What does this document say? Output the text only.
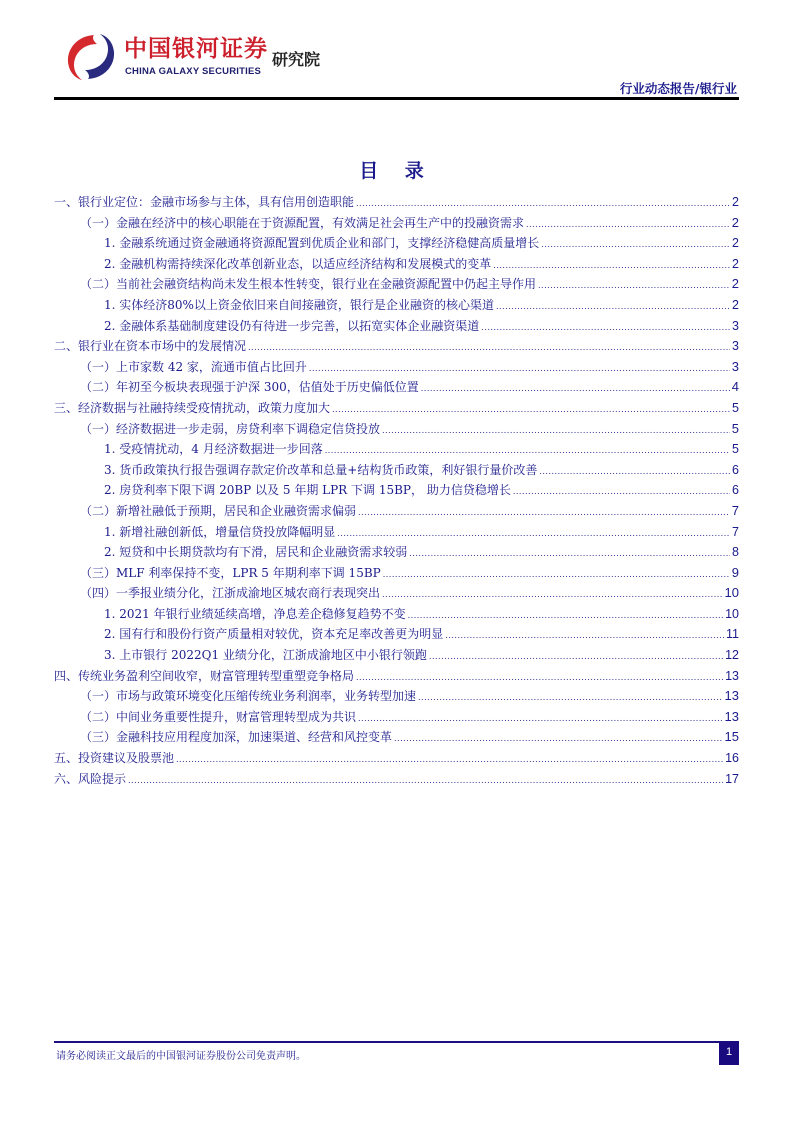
中国银河证券
CHINA GALAXY SECURITIES
研究院
行业动态报告/银行业
目 录
一、银行业定位：金融市场参与主体，具有信用创造职能 .....	2
（一）金融在经济中的核心职能在于资源配置，有效满足社会再生产中的投融资需求 .....	2
1. 金融系统通过资金融通将资源配置到优质企业和部门，支撑经济稳健高质量增长 .....	2
2. 金融机构需持续深化改革创新业态，以适应经济结构和发展模式的变革 .....	2
（二）当前社会融资结构尚未发生根本性转变，银行业在金融资源配置中仍起主导作用 .....	2
1. 实体经济80%以上资金依旧来自间接融资，银行是企业融资的核心渠道 .....	2
2. 金融体系基础制度建设仍有待进一步完善，以拓宽实体企业融资渠道 .....	3
二、银行业在资本市场中的发展情况 .....	3
（一）上市家数 42 家，流通市值占比回升 .....	3
（二）年初至今板块表现强于沪深 300，估值处于历史偏低位置 .....	4
三、经济数据与社融持续受疫情扰动，政策力度加大 .....	5
（一）经济数据进一步走弱，房贷利率下调稳定信贷投放 .....	5
1. 受疫情扰动，4 月经济数据进一步回落 .....	5
3. 货币政策执行报告强调存款定价改革和总量+结构货币政策，利好银行量价改善 .....	6
2. 房贷利率下限下调 20BP 以及 5 年期 LPR 下调 15BP， 助力信贷稳增长 .....	6
（二）新增社融低于预期，居民和企业融资需求偏弱 .....	7
1. 新增社融创新低，增量信贷投放降幅明显 .....	7
2. 短贷和中长期贷款均有下滑，居民和企业融资需求较弱 .....	8
（三）MLF 利率保持不变，LPR 5 年期利率下调 15BP .....	9
（四）一季报业绩分化，江浙成渝地区城农商行表现突出 .....	10
1. 2021 年银行业绩延续高增，净息差企稳修复趋势不变 .....	10
2. 国有行和股份行资产质量相对较优，资本充足率改善更为明显 .....	11
3. 上市银行 2022Q1 业绩分化，江浙成渝地区中小银行领跑 .....	12
四、传统业务盈利空间收窄，财富管理转型重塑竞争格局 .....	13
（一）市场与政策环境变化压缩传统业务利润率，业务转型加速 .....	13
（二）中间业务重要性提升，财富管理转型成为共识 .....	13
（三）金融科技应用程度加深，加速渠道、经营和风控变革 .....	15
五、投资建议及股票池 .....	16
六、风险提示 .....	17
请务必阅读正文最后的中国银河证券股份公司免责声明。	1
